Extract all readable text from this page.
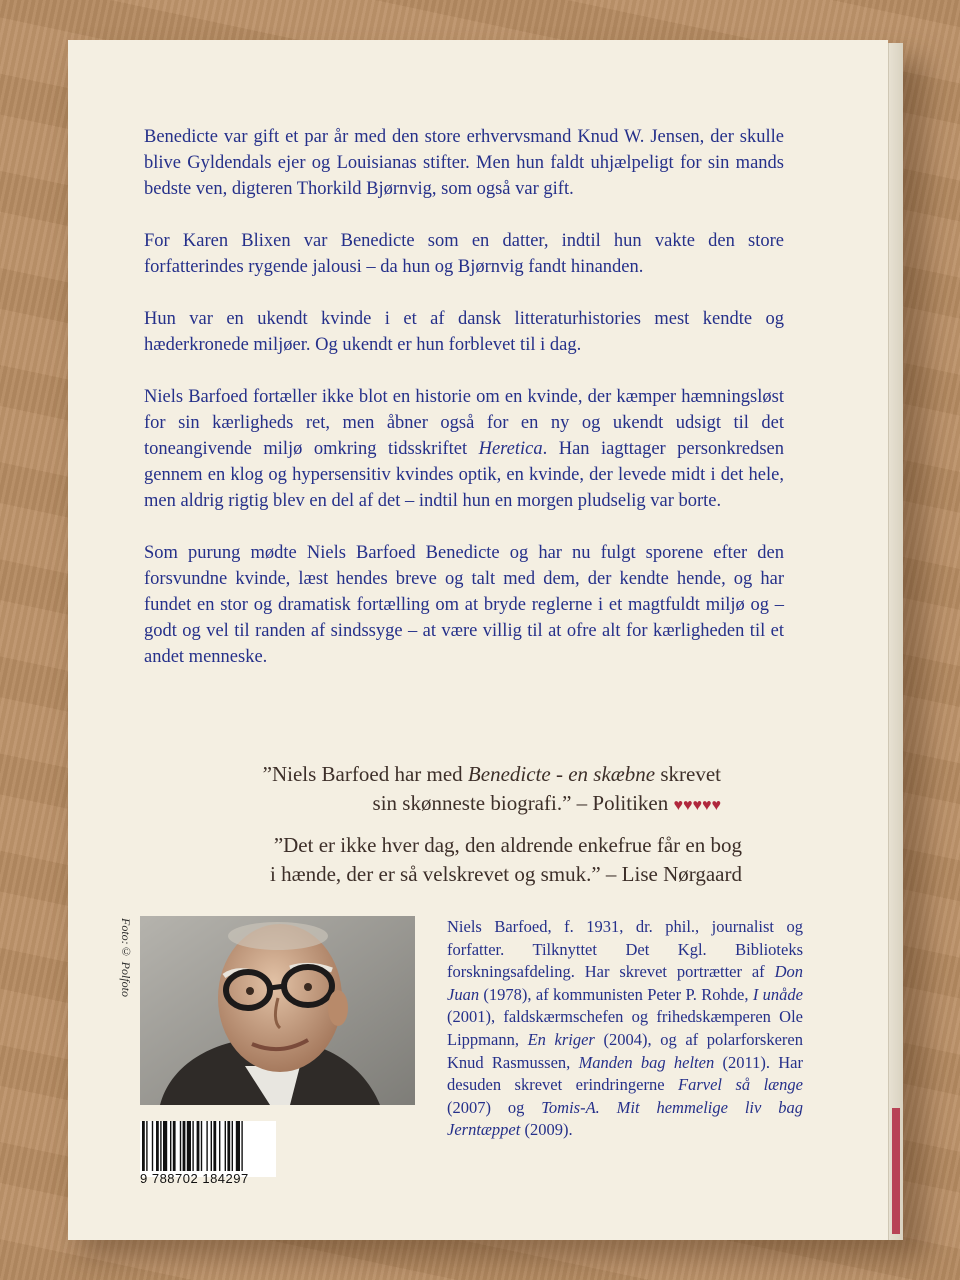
Benedicte var gift et par år med den store erhvervsmand Knud W. Jensen, der skulle blive Gyldendals ejer og Louisianas stifter. Men hun faldt uhjælpeligt for sin mands bedste ven, digteren Thorkild Bjørnvig, som også var gift.

For Karen Blixen var Benedicte som en datter, indtil hun vakte den store forfatterindes rygende jalousi – da hun og Bjørnvig fandt hinanden.

Hun var en ukendt kvinde i et af dansk litteraturhistories mest kendte og hæderkronede miljøer. Og ukendt er hun forblevet til i dag.

Niels Barfoed fortæller ikke blot en historie om en kvinde, der kæmper hæmningsløst for sin kærligheds ret, men åbner også for en ny og ukendt udsigt til det toneangivende miljø omkring tidsskriftet Heretica. Han iagttager personkredsen gennem en klog og hypersensitiv kvindes optik, en kvinde, der levede midt i det hele, men aldrig rigtig blev en del af det – indtil hun en morgen pludselig var borte.

Som purung mødte Niels Barfoed Benedicte og har nu fulgt sporene efter den forsvundne kvinde, læst hendes breve og talt med dem, der kendte hende, og har fundet en stor og dramatisk fortælling om at bryde reglerne i et magtfuldt miljø og – godt og vel til randen af sindssyge – at være villig til at ofre alt for kærligheden til et andet menneske.

”Niels Barfoed har med Benedicte - en skæbne skrevet
sin skønneste biografi.” – Politiken ♥♥♥♥♥
”Det er ikke hver dag, den aldrende enkefrue får en bog
i hænde, der er så velskrevet og smuk.” – Lise Nørgaard
Foto:© Polfoto	Niels Barfoed, f. 1931, dr. phil., journalist og forfatter. Tilknyttet Det Kgl. Biblioteks forskningsafdeling. Har skrevet portrætter af Don Juan (1978), af kommunisten Peter P. Rohde, I unåde (2001), faldskærmschefen og frihedskæmperen Ole Lippmann, En kriger (2004), og af polarforskeren Knud Rasmussen, Manden bag helten (2011). Har desuden skrevet erindringerne Farvel så længe (2007) og Tomis-A. Mit hemmelige liv bag Jerntæppet (2009).
9 788702 184297
